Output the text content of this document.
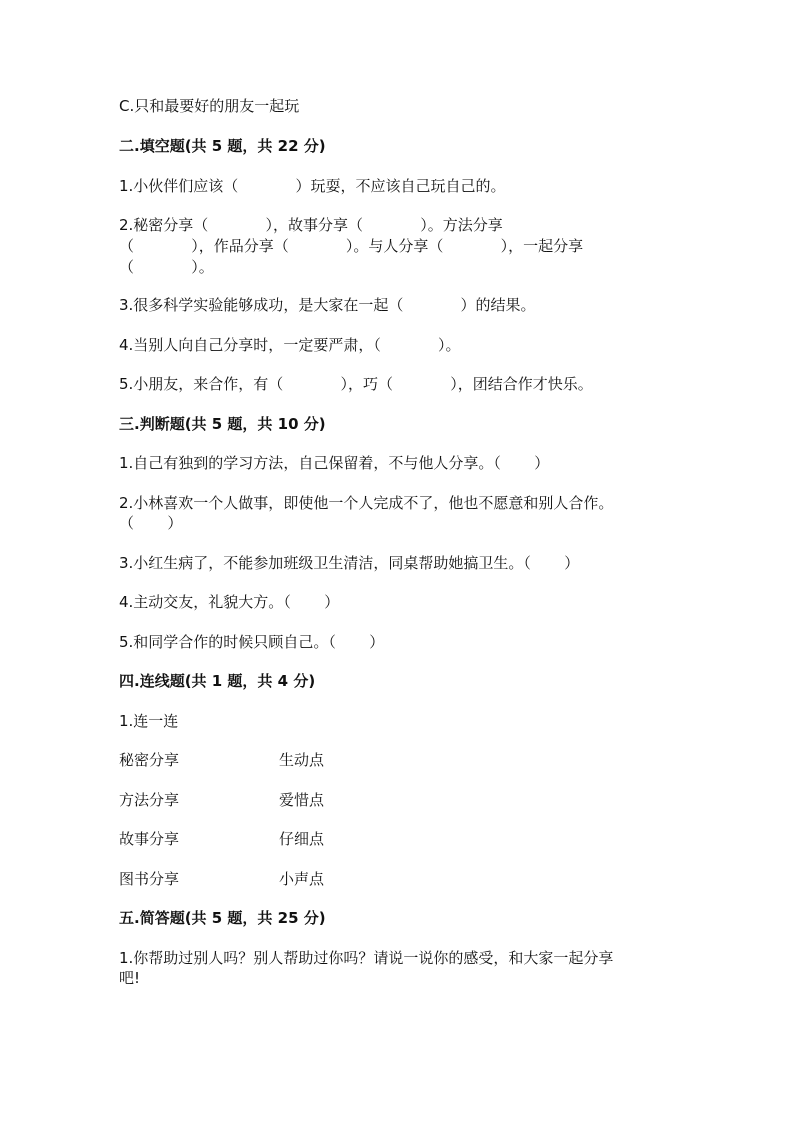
C.只和最要好的朋友一起玩
二.填空题(共 5 题，共 22 分)
1.小伙伴们应该（            ）玩耍，不应该自己玩自己的。
2.秘密分享（            ），故事分享（            ）。方法分享
（            ），作品分享（            ）。与人分享（            ），一起分享
（            ）。
3.很多科学实验能够成功，是大家在一起（            ）的结果。
4.当别人向自己分享时，一定要严肃，（            ）。
5.小朋友，来合作，有（            ），巧（            ），团结合作才快乐。
三.判断题(共 5 题，共 10 分)
1.自己有独到的学习方法，自己保留着，不与他人分享。（       ）
2.小林喜欢一个人做事，即使他一个人完成不了，他也不愿意和别人合作。
（       ）
3.小红生病了，不能参加班级卫生清洁，同桌帮助她搞卫生。（       ）
4.主动交友，礼貌大方。（       ）
5.和同学合作的时候只顾自己。（       ）
四.连线题(共 1 题，共 4 分)
1.连一连
秘密分享	生动点
方法分享	爱惜点
故事分享	仔细点
图书分享	小声点
五.简答题(共 5 题，共 25 分)
1.你帮助过别人吗？别人帮助过你吗？请说一说你的感受，和大家一起分享
吧!
